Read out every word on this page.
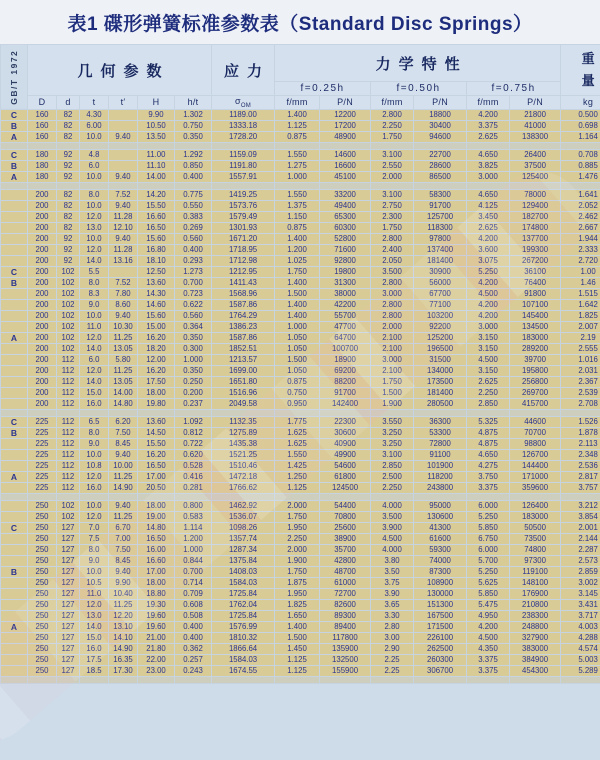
表1 碟形弹簧标准参数表（Standard Disc Springs）
GB/T 1972	几何参数						应力	力学特性						重量
								f=0.25h		f=0.50h		f=0.75h		
	D	d	t	t′	H	h/t	$\sigma_{OM}$	f/mm	P/N	f/mm	P/N	f/mm	P/N	kg
C	160	82	4.30		9.90	1.302	1189.00	1.400	12200	2.800	18800	4.200	21800	0.500
B	160	82	6.00		10.50	0.750	1333.18	1.125	17200	2.250	30400	3.375	41000	0.698
A	160	82	10.0	9.40	13.50	0.350	1728.20	0.875	48900	1.750	94600	2.625	138300	1.164

C	180	92	4.8		11.00	1.292	1159.09	1.550	14600	3.100	22700	4.650	26400	0.708
B	180	92	6.0		11.10	0.850	1191.80	1.275	16600	2.550	28600	3.825	37500	0.885
A	180	92	10.0	9.40	14.00	0.400	1557.91	1.000	45100	2.000	86500	3.000	125400	1.476

	200	82	8.0	7.52	14.20	0.775	1419.25	1.550	33200	3.100	58300	4.650	78000	1.641
	200	82	10.0	9.40	15.50	0.550	1573.76	1.375	49400	2.750	91700	4.125	129400	2.052
	200	82	12.0	11.28	16.60	0.383	1579.49	1.150	65300	2.300	125700	3.450	182700	2.462
	200	82	13.0	12.10	16.50	0.269	1301.93	0.875	60300	1.750	118300	2.625	174800	2.667
	200	92	10.0	9.40	15.60	0.560	1671.20	1.400	52800	2.800	97800	4.200	137700	1.944
	200	92	12.0	11.28	16.80	0.400	1718.95	1.200	71600	2.400	137400	3.600	199300	2.333
	200	92	14.0	13.16	18.10	0.293	1712.98	1.025	92800	2.050	181400	3.075	267200	2.720
C	200	102	5.5		12.50	1.273	1212.95	1.750	19800	3.500	30900	5.250	36100	1.00
B	200	102	8.0	7.52	13.60	0.700	1411.43	1.400	31300	2.800	56000	4.200	76400	1.46
	200	102	8.3	7.80	14.30	0.723	1568.96	1.500	38000	3.000	67700	4.500	91800	1.515
	200	102	9.0	8.60	14.60	0.622	1587.86	1.400	42200	2.800	77100	4.200	107100	1.642
	200	102	10.0	9.40	15.60	0.560	1764.29	1.400	55700	2.800	103200	4.200	145400	1.825
	200	102	11.0	10.30	15.00	0.364	1386.23	1.000	47700	2.000	92200	3.000	134500	2.007
A	200	102	12.0	11.25	16.20	0.350	1587.86	1.050	64700	2.100	125200	3.150	183000	2.19
	200	102	14.0	13.05	18.20	0.300	1852.51	1.050	100700	2.100	196500	3.150	289200	2.555
	200	112	6.0	5.80	12.00	1.000	1213.57	1.500	18900	3.000	31500	4.500	39700	1.016
	200	112	12.0	11.25	16.20	0.350	1699.00	1.050	69200	2.100	134000	3.150	195800	2.031
	200	112	14.0	13.05	17.50	0.250	1651.80	0.875	88200	1.750	173500	2.625	256800	2.367
	200	112	15.0	14.00	18.00	0.200	1516.96	0.750	91700	1.500	181400	2.250	269700	2.539
	200	112	16.0	14.80	19.80	0.237	2049.58	0.950	142400	1.900	280500	2.850	415700	2.708

C	225	112	6.5	6.20	13.60	1.092	1132.35	1.775	22300	3.550	36300	5.325	44600	1.526
B	225	112	8.0	7.50	14.50	0.812	1275.89	1.625	30600	3.250	53300	4.875	70700	1.878
	225	112	9.0	8.45	15.50	0.722	1435.38	1.625	40900	3.250	72800	4.875	98800	2.113
	225	112	10.0	9.40	16.20	0.620	1521.25	1.550	49900	3.100	91100	4.650	126700	2.348
	225	112	10.8	10.00	16.50	0.528	1510.46	1.425	54600	2.850	101900	4.275	144400	2.536
A	225	112	12.0	11.25	17.00	0.416	1472.18	1.250	61800	2.500	118200	3.750	171000	2.817
	225	112	16.0	14.90	20.50	0.281	1766.62	1.125	124500	2.250	243800	3.375	359600	3.757

	250	102	10.0	9.40	18.00	0.800	1462.92	2.000	54400	4.000	95000	6.000	126400	3.212
	250	102	12.0	11.25	19.00	0.583	1536.07	1.750	70800	3.500	130600	5.250	183000	3.854
C	250	127	7.0	6.70	14.80	1.114	1098.26	1.950	25600	3.900	41300	5.850	50500	2.001
	250	127	7.5	7.00	16.50	1.200	1357.74	2.250	38900	4.500	61600	6.750	73500	2.144
	250	127	8.0	7.50	16.00	1.000	1287.34	2.000	35700	4.000	59300	6.000	74800	2.287
	250	127	9.0	8.45	16.60	0.844	1375.84	1.900	42800	3.80	74000	5.700	97300	2.573
B	250	127	10.0	9.40	17.00	0.700	1408.03	1.750	48700	3.50	87300	5.250	119100	2.859
	250	127	10.5	9.90	18.00	0.714	1584.03	1.875	61000	3.75	108900	5.625	148100	3.002
	250	127	11.0	10.40	18.80	0.709	1725.84	1.950	72700	3.90	130000	5.850	176900	3.145
	250	127	12.0	11.25	19.30	0.608	1762.04	1.825	82600	3.65	151300	5.475	210800	3.431
	250	127	13.0	12.20	19.60	0.508	1725.84	1.650	89300	3.30	167500	4.950	238300	3.717
A	250	127	14.0	13.10	19.60	0.400	1576.99	1.400	89400	2.80	171500	4.200	248800	4.003
	250	127	15.0	14.10	21.00	0.400	1810.32	1.500	117800	3.00	226100	4.500	327900	4.288
	250	127	16.0	14.90	21.80	0.362	1866.64	1.450	135900	2.90	262500	4.350	383000	4.574
	250	127	17.5	16.35	22.00	0.257	1584.03	1.125	132500	2.25	260300	3.375	384900	5.003
	250	127	18.5	17.30	23.00	0.243	1674.55	1.125	155900	2.25	306700	3.375	454300	5.289
